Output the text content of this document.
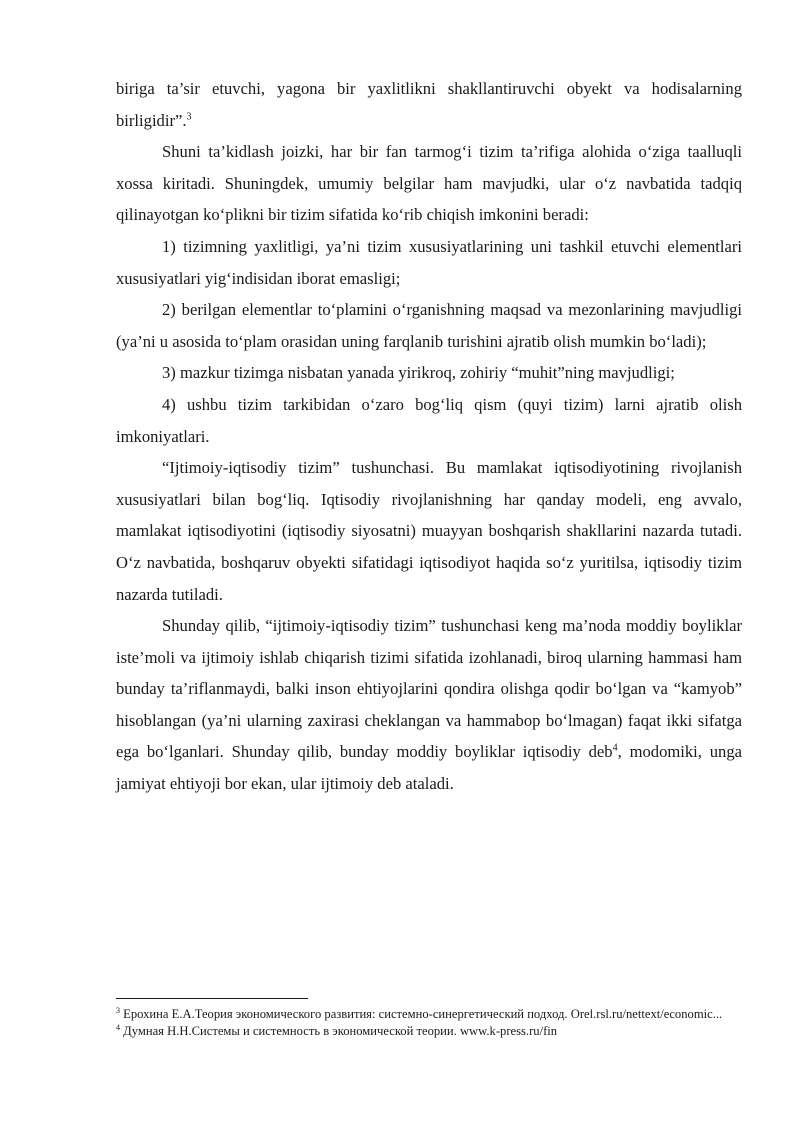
biriga ta’sir etuvchi, yagona bir yaxlitlikni shakllantiruvchi obyekt va hodisalarning birligidir”.$^3$

Shuni ta’kidlash joizki, har bir fan tarmog‘i tizim ta’rifiga alohida o‘ziga taalluqli xossa kiritadi. Shuningdek, umumiy belgilar ham mavjudki, ular o‘z navbatida tadqiq qilinayotgan ko‘plikni bir tizim sifatida ko‘rib chiqish imkonini beradi:

1) tizimning yaxlitligi, ya’ni tizim xususiyatlarining uni tashkil etuvchi elementlari xususiyatlari yig‘indisidan iborat emasligi;

2) berilgan elementlar to‘plamini o‘rganishning maqsad va mezonlarining mavjudligi (ya’ni u asosida to‘plam orasidan uning farqlanib turishini ajratib olish mumkin bo‘ladi);

3) mazkur tizimga nisbatan yanada yirikroq, zohiriy “muhit”ning mavjudligi;

4) ushbu tizim tarkibidan o‘zaro bog‘liq qism (quyi tizim) larni ajratib olish imkoniyatlari.

“Ijtimoiy-iqtisodiy tizim” tushunchasi. Bu mamlakat iqtisodiyotining rivojlanish xususiyatlari bilan bog‘liq. Iqtisodiy rivojlanishning har qanday modeli, eng avvalo, mamlakat iqtisodiyotini (iqtisodiy siyosatni) muayyan boshqarish shakllarini nazarda tutadi. O‘z navbatida, boshqaruv obyekti sifatidagi iqtisodiyot haqida so‘z yuritilsa, iqtisodiy tizim nazarda tutiladi.

Shunday qilib, “ijtimoiy-iqtisodiy tizim” tushunchasi keng ma’noda moddiy boyliklar iste’moli va ijtimoiy ishlab chiqarish tizimi sifatida izohlanadi, biroq ularning hammasi ham bunday ta’riflanmaydi, balki inson ehtiyojlarini qondira olishga qodir bo‘lgan va “kamyob” hisoblangan (ya’ni ularning zaxirasi cheklangan va hammabop bo‘lmagan) faqat ikki sifatga ega bo‘lganlari. Shunday qilib, bunday moddiy boyliklar iqtisodiy deb$^4$, modomiki, unga jamiyat ehtiyoji bor ekan, ular ijtimoiy deb ataladi.

$^3$ Ерохина Е.А.Теория экономического развития: системно-синергетический подход. Orel.rsl.ru/nettext/economic...

$^4$ Думная Н.Н.Системы и системность в экономической теории. www.k-press.ru/fin
